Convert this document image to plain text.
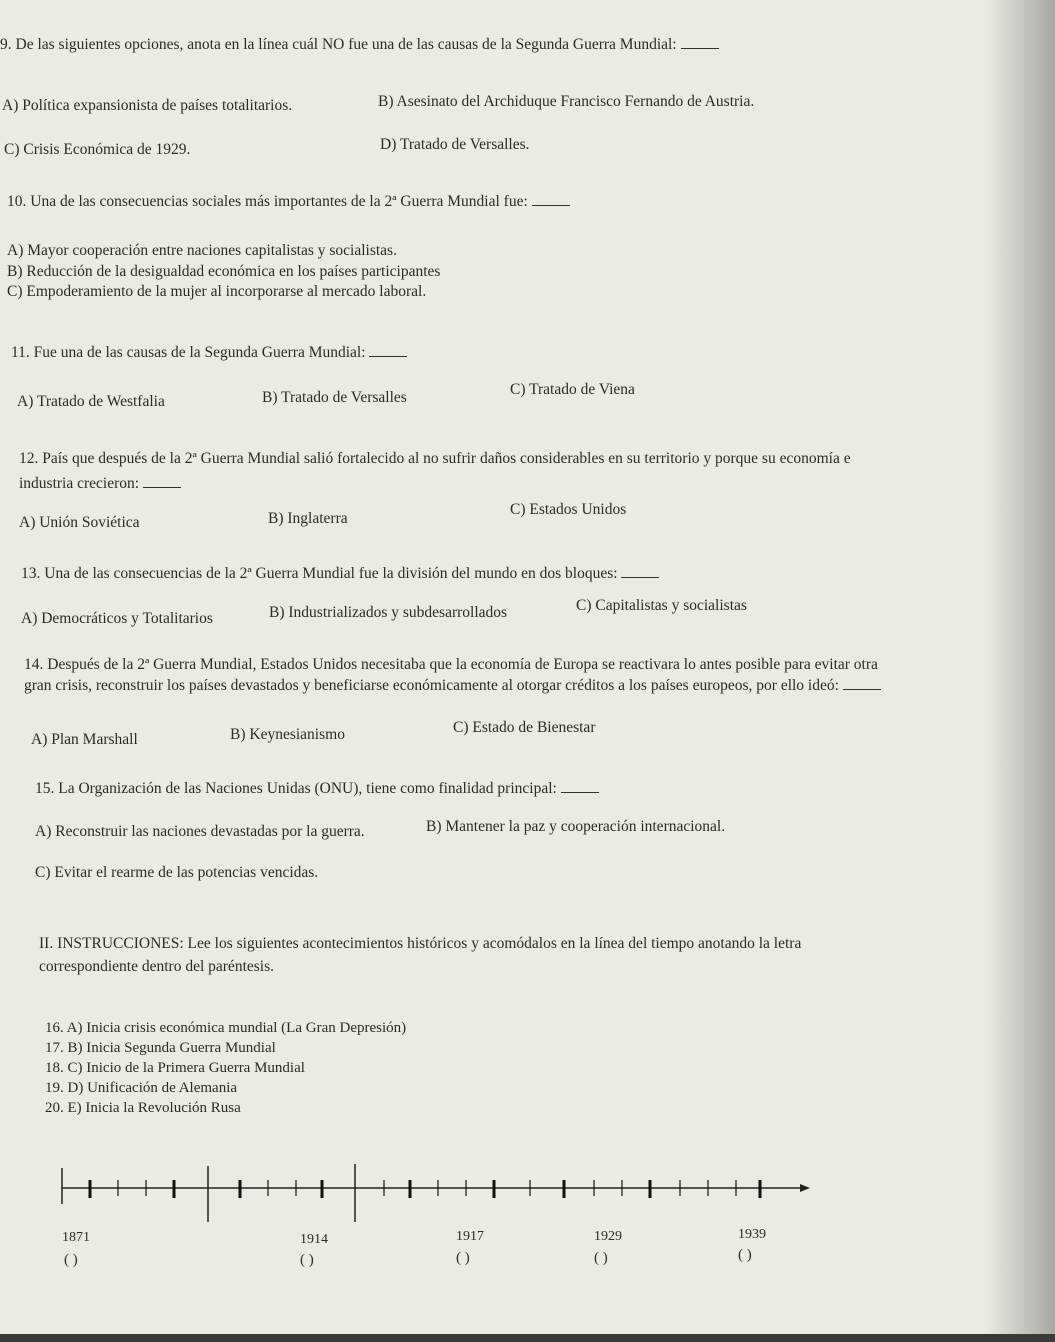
9. De las siguientes opciones, anota en la línea cuál NO fue una de las causas de la Segunda Guerra Mundial:
A) Política expansionista de países totalitarios.	B) Asesinato del Archiduque Francisco Fernando de Austria.
C) Crisis Económica de 1929.	D) Tratado de Versalles.
10. Una de las consecuencias sociales más importantes de la 2ª Guerra Mundial fue:
A) Mayor cooperación entre naciones capitalistas y socialistas.
B) Reducción de la desigualdad económica en los países participantes
C) Empoderamiento de la mujer al incorporarse al mercado laboral.
11. Fue una de las causas de la Segunda Guerra Mundial:
A) Tratado de Westfalia	B) Tratado de Versalles	C) Tratado de Viena
12. País que después de la 2ª Guerra Mundial salió fortalecido al no sufrir daños considerables en su territorio y porque su economía e
industria crecieron:
A) Unión Soviética	B) Inglaterra
C) Estados Unidos
13. Una de las consecuencias de la 2ª Guerra Mundial fue la división del mundo en dos bloques:
A) Democráticos y Totalitarios	B) Industrializados y subdesarrollados	C) Capitalistas y socialistas
14. Después de la 2ª Guerra Mundial, Estados Unidos necesitaba que la economía de Europa se reactivara lo antes posible para evitar otra
gran crisis, reconstruir los países devastados y beneficiarse económicamente al otorgar créditos a los países europeos, por ello ideó:
A) Plan Marshall	B) Keynesianismo	C) Estado de Bienestar
15. La Organización de las Naciones Unidas (ONU), tiene como finalidad principal:
A) Reconstruir las naciones devastadas por la guerra.	B) Mantener la paz y cooperación internacional.
C) Evitar el rearme de las potencias vencidas.
II. INSTRUCCIONES: Lee los siguientes acontecimientos históricos y acomódalos en la línea del tiempo anotando la letra
correspondiente dentro del paréntesis.
16. A) Inicia crisis económica mundial (La Gran Depresión)
17. B) Inicia Segunda Guerra Mundial
18. C) Inicio de la Primera Guerra Mundial
19. D) Unificación de Alemania
20. E) Inicia la Revolución Rusa
1871	1914	1917	1929	1939
( )	( )	( )	( )	( )
